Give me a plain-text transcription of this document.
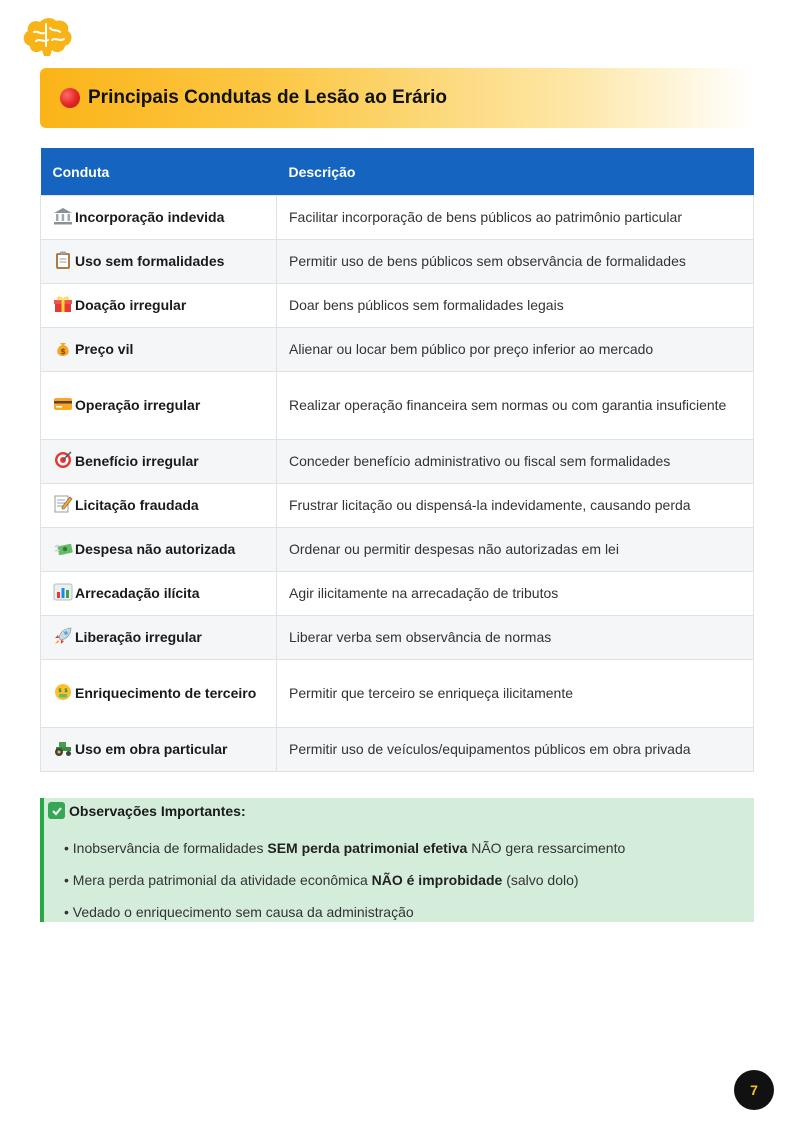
Principais Condutas de Lesão ao Erário
Conduta	Descrição
Incorporação indevida	Facilitar incorporação de bens públicos ao patrimônio particular
Uso sem formalidades	Permitir uso de bens públicos sem observância de formalidades
Doação irregular	Doar bens públicos sem formalidades legais

$ Preço vil	Alienar ou locar bem público por preço inferior ao mercado
Operação irregular	Realizar operação financeira sem normas ou com garantia insuficiente
Benefício irregular	Conceder benefício administrativo ou fiscal sem formalidades
Licitação fraudada	Frustrar licitação ou dispensá-la indevidamente, causando perda
Despesa não autorizada	Ordenar ou permitir despesas não autorizadas em lei
Arrecadação ilícita	Agir ilicitamente na arrecadação de tributos
Liberação irregular	Liberar verba sem observância de normas

$ $ Enriquecimento de terceiro	Permitir que terceiro se enriqueça ilicitamente
Uso em obra particular	Permitir uso de veículos/equipamentos públicos em obra privada
Observações Importantes:
• Inobservância de formalidades SEM perda patrimonial efetiva NÃO gera ressarcimento
• Mera perda patrimonial da atividade econômica NÃO é improbidade (salvo dolo)
• Vedado o enriquecimento sem causa da administração
7
